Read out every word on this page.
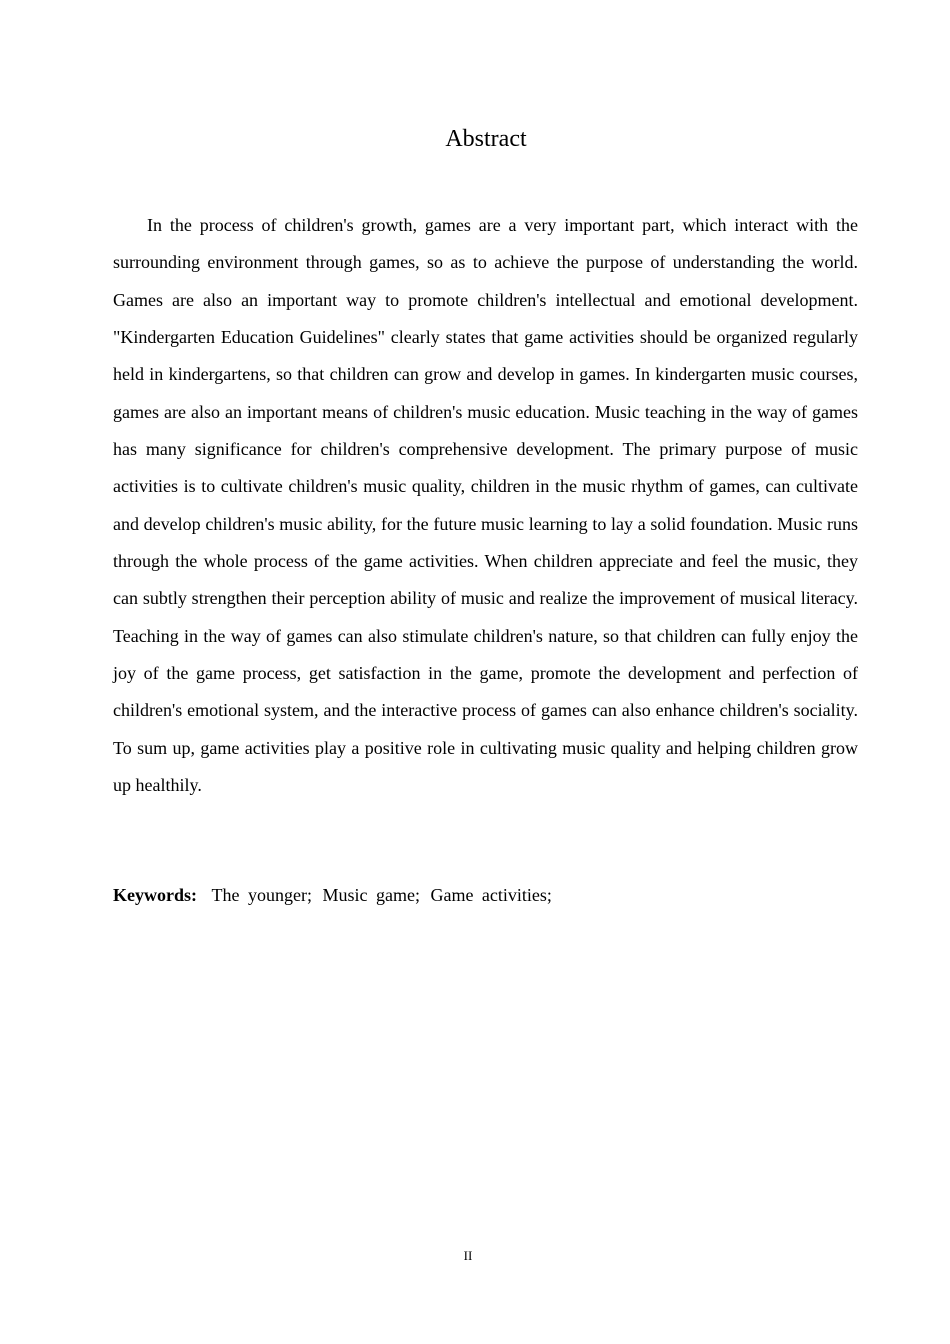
Abstract

In the process of children's growth, games are a very important part, which interact with the surrounding environment through games, so as to achieve the purpose of understanding the world. Games are also an important way to promote children's intellectual and emotional development. "Kindergarten Education Guidelines" clearly states that game activities should be organized regularly held in kindergartens, so that children can grow and develop in games. In kindergarten music courses, games are also an important means of children's music education. Music teaching in the way of games has many significance for children's comprehensive development. The primary purpose of music activities is to cultivate children's music quality, children in the music rhythm of games, can cultivate and develop children's music ability, for the future music learning to lay a solid foundation. Music runs through the whole process of the game activities. When children appreciate and feel the music, they can subtly strengthen their perception ability of music and realize the improvement of musical literacy. Teaching in the way of games can also stimulate children's nature, so that children can fully enjoy the joy of the game process, get satisfaction in the game, promote the development and perfection of children's emotional system, and the interactive process of games can also enhance children's sociality. To sum up, game activities play a positive role in cultivating music quality and helping children grow up healthily.

Keywords: The younger; Music game; Game activities;
II
